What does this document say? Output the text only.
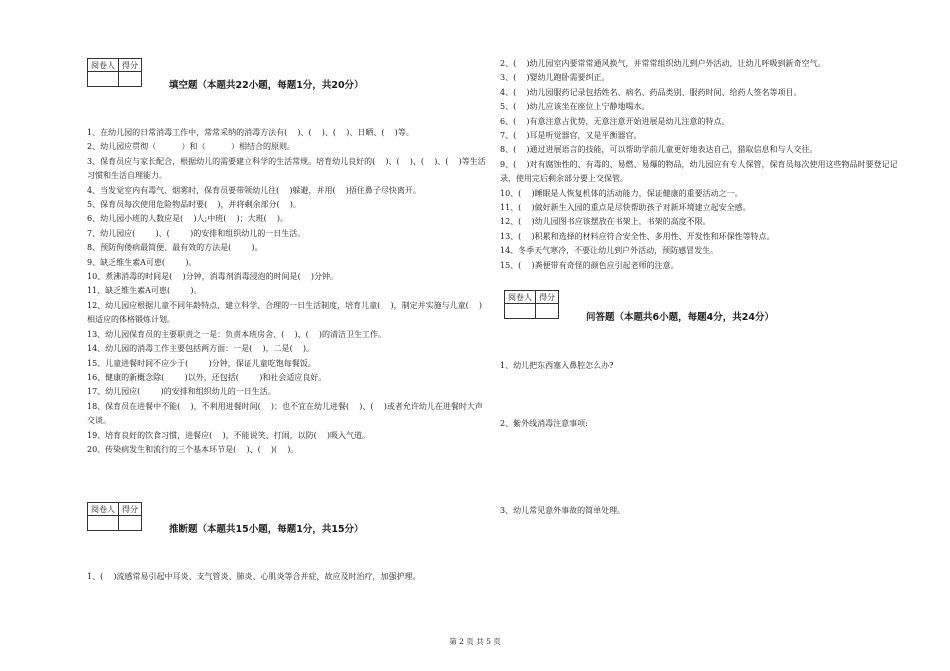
阅卷人	得分

填空题（本题共22小题，每题1分，共20分）
1、在幼儿园的日常消毒工作中，常常采纳的消毒方法有(    )、(    )、(    )、日晒、(    )等。
2、幼儿园应贯彻（          ）和（          ）相结合的原则。
3、保育员应与家长配合，根据幼儿的需要建立科学的生活常规。培育幼儿良好的(    )、(    )、(    )、(    )等生活习惯和生活自理能力。
4、当发觉室内有毒气、烟雾时，保育员要带领幼儿往(    )躲避，并用(    )捂住鼻子尽快离开。
5、保育员每次使用危险物品时要(    )，并将剩余部分(    )。
6、幼儿园小班的人数应是(    )人;中班(    )；大班(    )。
7、幼儿园应(        )、(        )的安排和组织幼儿的一日生活。
8、预防佝偻病最简便、最有效的方法是(        )。
9、缺乏维生素A可患(        )。
10、煮沸消毒的时间是(    )分钟，消毒剂消毒浸泡的时间是(    )分钟。
11、缺乏维生素A可患(        )。
12、幼儿园应根据儿童不同年龄特点，建立科学、合理的一日生活制度，培育儿童(    )，制定并实施与儿童(    )相适应的体格锻炼计划。
13、幼儿园保育员的主要职责之一是：负责本班房舍、(    )、(    )的清洁卫生工作。
14、幼儿园的消毒工作主要包括两方面：一是(    )，二是(    )。
15、儿童进餐时间不应少于(        )分钟，保证儿童吃饱每餐饭。
16、健康的新概念除(        )以外，还包括(        )和社会适应良好。
17、幼儿园应(        )的安排和组织幼儿的一日生活。
18、保育员在进餐中不能(    )，不利用进餐时间(    )；也不宜在幼儿进餐(    )、(    )或者允许幼儿在进餐时大声交谈。
19、培育良好的饮食习惯，进餐应(    )，不能说笑、打闹，以防(    )吸入气道。
20、传染病发生和流行的三个基本环节是(    )、(    )(    )。
阅卷人	得分

推断题（本题共15小题，每题1分，共15分）
1、(    )流感常易引起中耳炎、支气管炎、肺炎、心肌炎等合并症，故应及时治疗，加强护理。
2、(    )幼儿园室内要常常通风换气，并常常组织幼儿到户外活动，让幼儿呼吸到新奇空气。
3、(    )婴幼儿跑卧需要纠正。
4、(    )幼儿园服药记录包括姓名、病名、药品类别、服药时间、给药人签名等项目。
5、(    )幼儿应该坐在座位上宁静地喝水。
6、(    )有意注意占优势，无意注意开始进展是幼儿注意的特点。
7、(    )耳是听觉器官，又是平衡器官。
8、(    )通过进展语言的技能，可以帮助学前儿童更好地表达自己，猎取信息和与人交往。
9、(    )对有腐蚀性的、有毒的、易燃、易爆的物品，幼儿园应有专人保管，保育员每次使用这些物品时要登记记录，使用完后剩余部分要上交保管。
10、(    )睡眠是人恢复机体的活动能力，保证健康的重要活动之一。
11、(    )做好新生入园的重点是尽快帮助孩子对新环境建立起安全感。
12、(    )幼儿园图书应该摆放在书架上，书架的高度不限。
13、(    )积累和选择的材料应符合安全性、多用性、开发性和环保性等特点。
14、冬季天气寒冷，不要让幼儿到户外活动，预防感冒发生。
15、(    )粪便带有奇怪的颜色应引起老师的注意。
阅卷人	得分

问答题（本题共6小题，每题4分，共24分）
1、幼儿把东西塞入鼻腔怎么办?
2、紫外线消毒注意事项:
3、幼儿常见意外事故的简单处理。
第 2 页 共 5 页
